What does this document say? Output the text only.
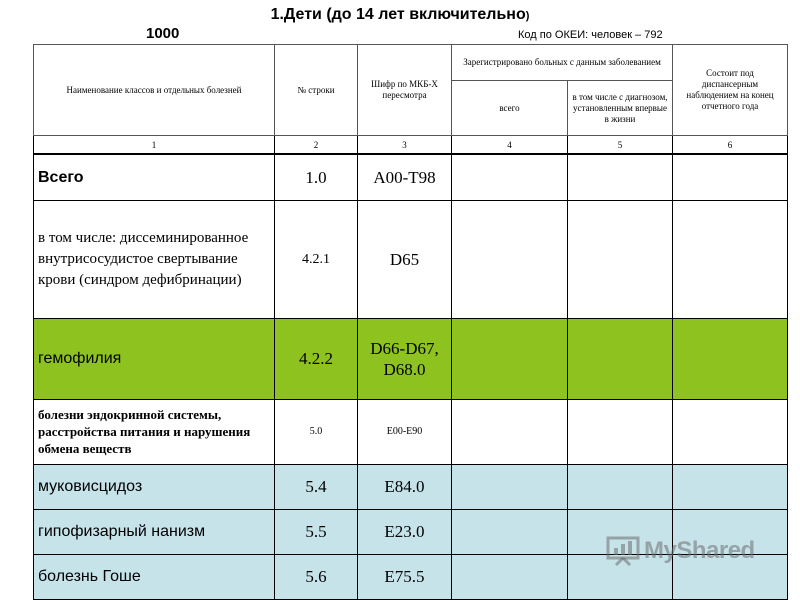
1.Дети (до 14 лет включительно)
1000	Код по ОКЕИ: человек – 792
Наименование классов и отдельных болезней	№ строки	Шифр по МКБ-X пересмотра	Зарегистрировано больных с данным заболеванием		Состоит под диспансерным наблюдением на конец отчетного года
			всего	в том числе с диагнозом, установленным впервые в жизни	
1	2	3	4	5	6
Всего	1.0	A00-T98			
в том числе: диссеминированное внутрисосудистое свертывание крови (синдром дефибринации)	4.2.1	D65			
гемофилия	4.2.2	D66-D67, D68.0			
болезни эндокринной системы, расстройства питания и нарушения обмена веществ	5.0	E00-E90			
муковисцидоз	5.4	E84.0			
гипофизарный нанизм	5.5	E23.0			
болезнь Гоше	5.6	E75.5			
MyShared
